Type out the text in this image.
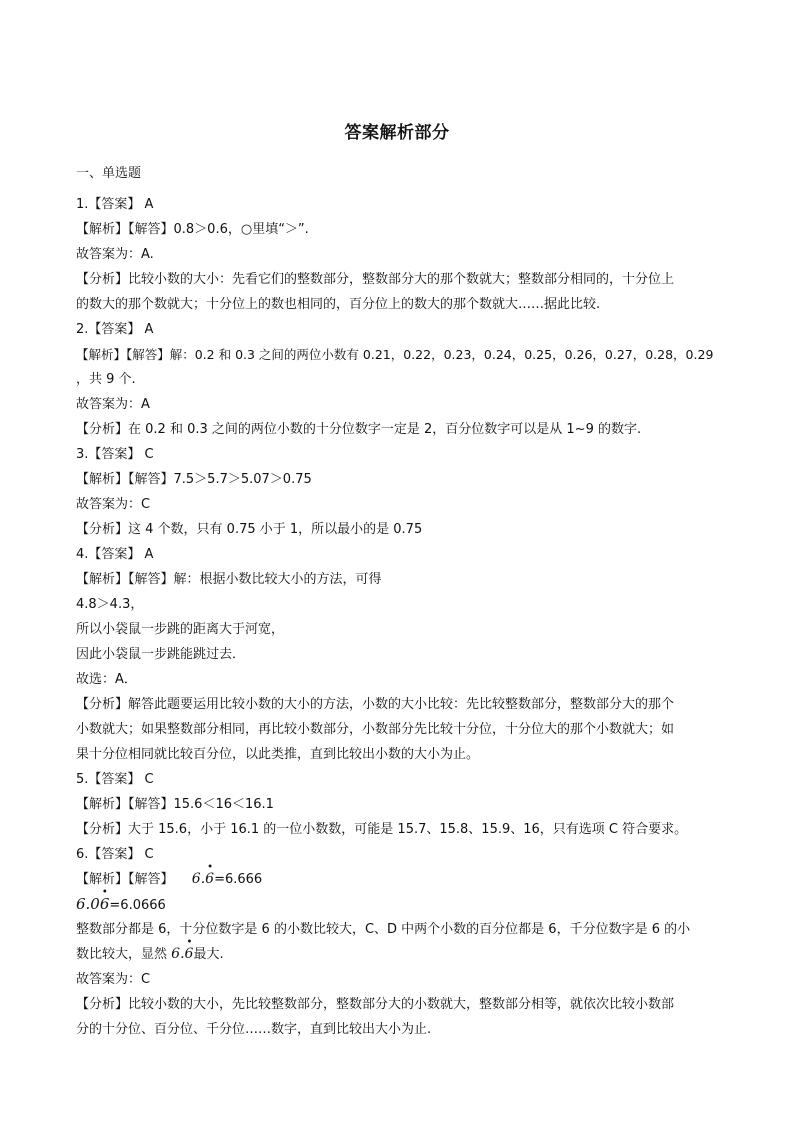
答案解析部分
一、单选题
1.【答案】 A
【解析】【解答】0.8＞0.6，○里填“＞”.
故答案为：A.
【分析】比较小数的大小：先看它们的整数部分，整数部分大的那个数就大；整数部分相同的，十分位上
的数大的那个数就大；十分位上的数也相同的，百分位上的数大的那个数就大……据此比较.
2.【答案】 A
【解析】【解答】解：0.2 和 0.3 之间的两位小数有 0.21，0.22，0.23，0.24，0.25，0.26，0.27，0.28，0.29
，共 9 个.
故答案为：A
【分析】在 0.2 和 0.3 之间的两位小数的十分位数字一定是 2，百分位数字可以是从 1~9 的数字.
3.【答案】 C
【解析】【解答】7.5＞5.7＞5.07＞0.75
故答案为：C
【分析】这 4 个数，只有 0.75 小于 1，所以最小的是 0.75
4.【答案】 A
【解析】【解答】解：根据小数比较大小的方法，可得
4.8＞4.3，
所以小袋鼠一步跳的距离大于河宽，
因此小袋鼠一步跳能跳过去．
故选：A．
【分析】解答此题要运用比较小数的大小的方法，小数的大小比较：先比较整数部分，整数部分大的那个
小数就大；如果整数部分相同，再比较小数部分，小数部分先比较十分位，十分位大的那个小数就大；如
果十分位相同就比较百分位，以此类推，直到比较出小数的大小为止。
5.【答案】 C
【解析】【解答】15.6＜16＜16.1
【分析】大于 15.6，小于 16.1 的一位小数数，可能是 15.7、15.8、15.9、16，只有选项 C 符合要求。
6.【答案】 C
【解析】【解答】 6.
•
6=6.666
6.0
•
6=6.0666
整数部分都是 6，十分位数字是 6 的小数比较大，C、D 中两个小数的百分位都是 6，千分位数字是 6 的小
数比较大，显然 6.
•
6最大.
故答案为：C
【分析】比较小数的大小，先比较整数部分，整数部分大的小数就大，整数部分相等，就依次比较小数部
分的十分位、百分位、千分位……数字，直到比较出大小为止.
